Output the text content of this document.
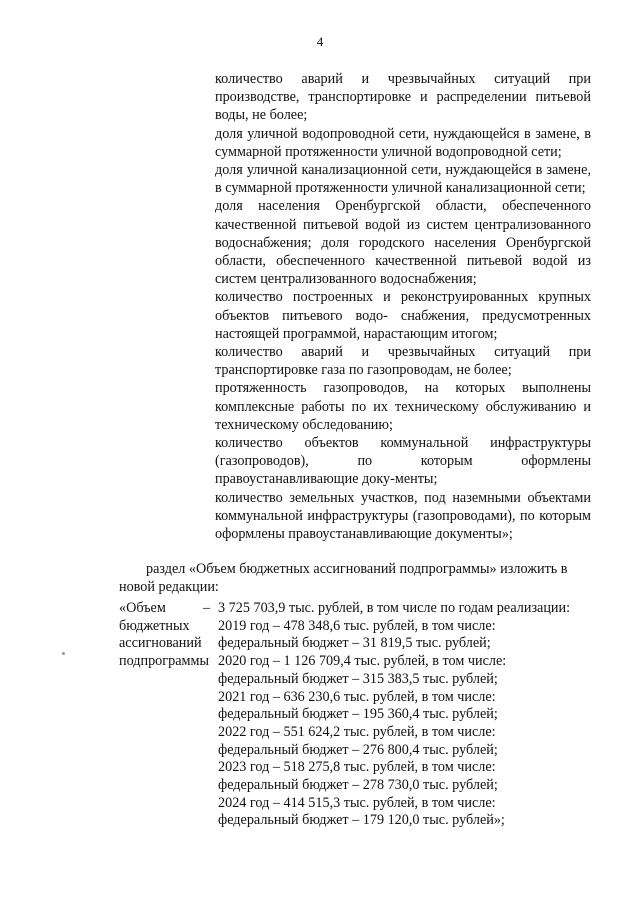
4

количество аварий и чрезвычайных ситуаций при производстве, транспортировке и распределении питьевой воды, не более;

доля уличной водопроводной сети, нуждающейся в замене, в суммарной протяженности уличной водопроводной сети;

доля уличной канализационной сети, нуждающейся в замене, в суммарной протяженности уличной канализационной сети;

доля населения Оренбургской области, обеспеченного качественной питьевой водой из систем централизованного водоснабжения; доля городского населения Оренбургской области, обеспеченного качественной питьевой водой из систем централизованного водоснабжения;

количество построенных и реконструированных крупных объектов питьевого водо- снабжения, предусмотренных настоящей программой, нарастающим итогом;

количество аварий и чрезвычайных ситуаций при транспортировке газа по газопроводам, не более;

протяженность газопроводов, на которых выполнены комплексные работы по их техническому обслуживанию и техническому обследованию;

количество объектов коммунальной инфраструктуры (газопроводов), по которым оформлены правоустанавливающие доку-менты;

количество земельных участков, под наземными объектами коммунальной инфраструктуры (газопроводами), по которым оформлены правоустанавливающие документы»;

раздел «Объем бюджетных ассигнований подпрограммы» изложить в
новой редакции:
«Объем
бюджетных
ассигнований
подпрограммы
– 3 725 703,9 тыс. рублей, в том числе по годам реализации:
2019 год – 478 348,6 тыс. рублей, в том числе:
федеральный бюджет – 31 819,5 тыс. рублей;
2020 год – 1 126 709,4 тыс. рублей, в том числе:
федеральный бюджет – 315 383,5 тыс. рублей;
2021 год – 636 230,6 тыс. рублей, в том числе:
федеральный бюджет – 195 360,4 тыс. рублей;
2022 год – 551 624,2 тыс. рублей, в том числе:
федеральный бюджет – 276 800,4 тыс. рублей;
2023 год – 518 275,8 тыс. рублей, в том числе:
федеральный бюджет – 278 730,0 тыс. рублей;
2024 год – 414 515,3 тыс. рублей, в том числе:
федеральный бюджет – 179 120,0 тыс. рублей»;
